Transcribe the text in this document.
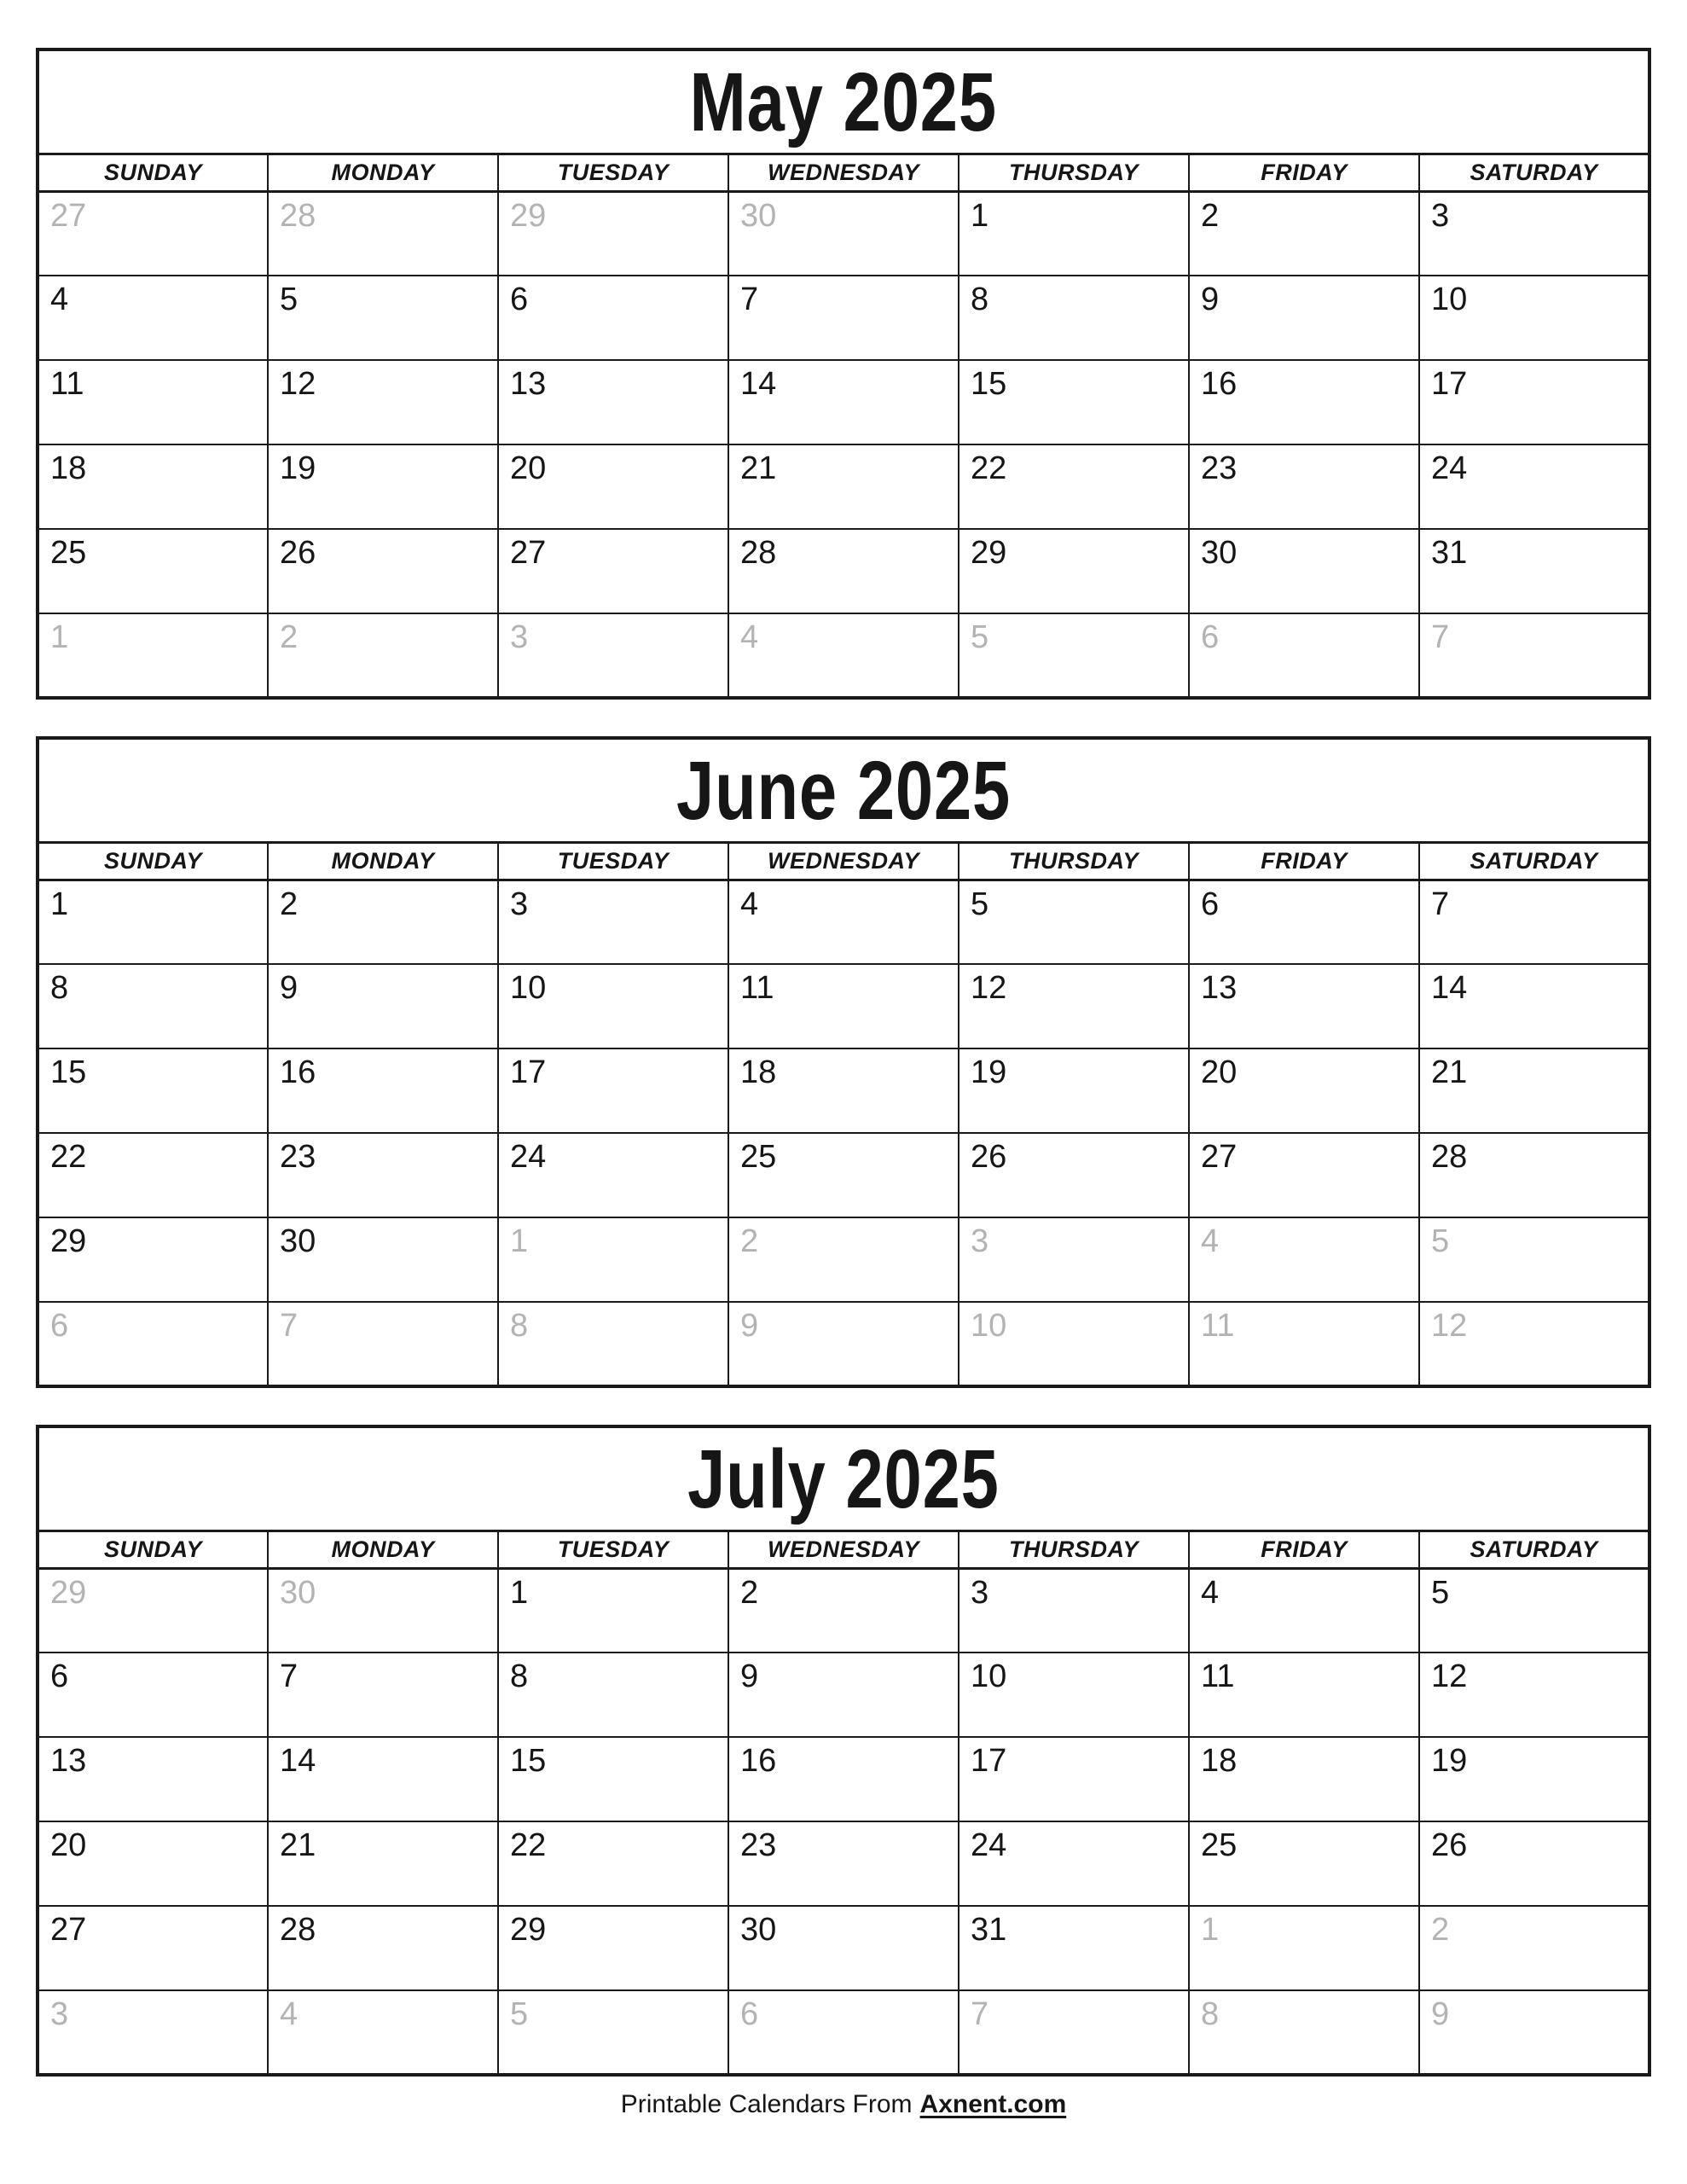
May 2025						
SUNDAY	MONDAY	TUESDAY	WEDNESDAY	THURSDAY	FRIDAY	SATURDAY
27	28	29	30	1	2	3
4	5	6	7	8	9	10
11	12	13	14	15	16	17
18	19	20	21	22	23	24
25	26	27	28	29	30	31
1	2	3	4	5	6	7
June 2025						
SUNDAY	MONDAY	TUESDAY	WEDNESDAY	THURSDAY	FRIDAY	SATURDAY
1	2	3	4	5	6	7
8	9	10	11	12	13	14
15	16	17	18	19	20	21
22	23	24	25	26	27	28
29	30	1	2	3	4	5
6	7	8	9	10	11	12
July 2025						
SUNDAY	MONDAY	TUESDAY	WEDNESDAY	THURSDAY	FRIDAY	SATURDAY
29	30	1	2	3	4	5
6	7	8	9	10	11	12
13	14	15	16	17	18	19
20	21	22	23	24	25	26
27	28	29	30	31	1	2
3	4	5	6	7	8	9
Printable Calendars From Axnent.com
